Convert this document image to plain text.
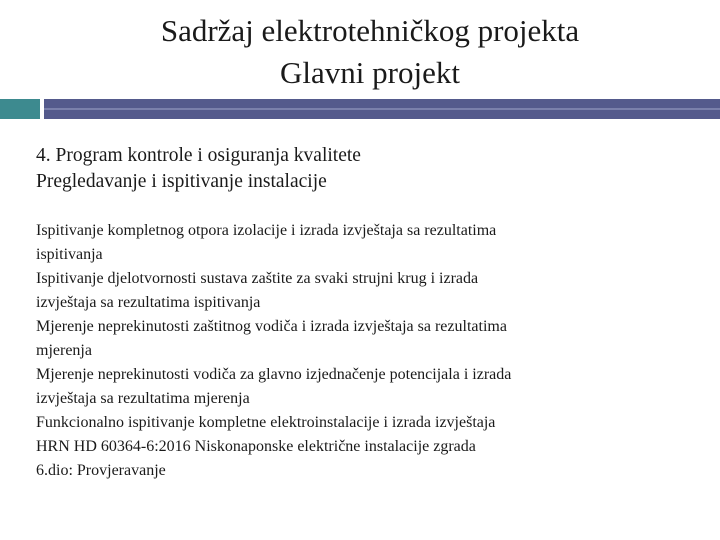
Sadržaj elektrotehničkog projekta
Glavni projekt
4. Program kontrole i osiguranja kvalitete
Pregledavanje i ispitivanje instalacije
Ispitivanje kompletnog otpora izolacije i izrada izvještaja sa rezultatima
ispitivanja
Ispitivanje djelotvornosti sustava zaštite za svaki strujni krug i izrada
izvještaja sa rezultatima ispitivanja
Mjerenje neprekinutosti zaštitnog vodiča i izrada izvještaja sa rezultatima
mjerenja
Mjerenje neprekinutosti vodiča za glavno izjednačenje potencijala i izrada
izvještaja sa rezultatima mjerenja
Funkcionalno ispitivanje kompletne elektroinstalacije i izrada izvještaja
HRN HD 60364-6:2016 Niskonaponske električne instalacije zgrada
6.dio: Provjeravanje
